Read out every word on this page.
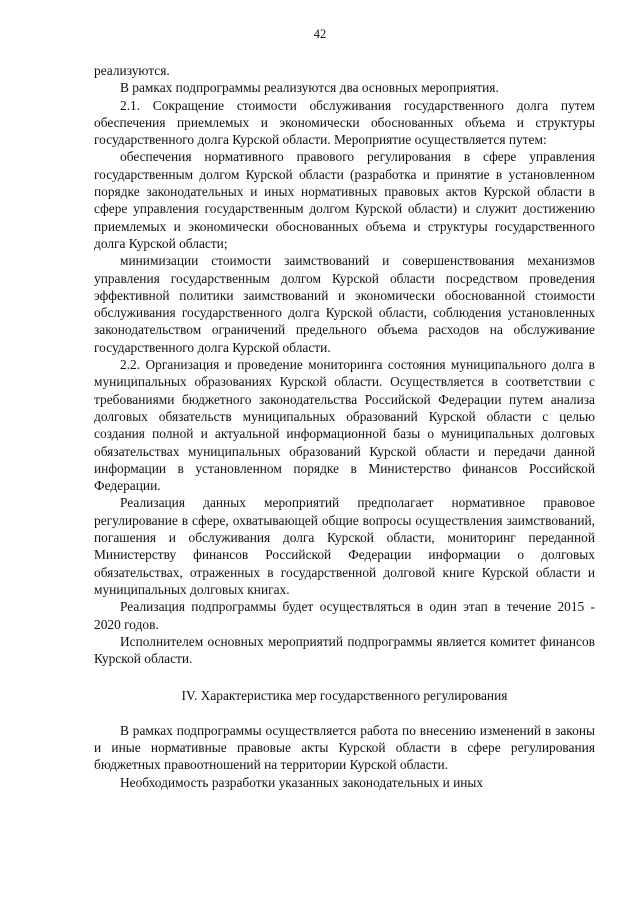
42

реализуются.

В рамках подпрограммы реализуются два основных мероприятия.

2.1. Сокращение стоимости обслуживания государственного долга путем обеспечения приемлемых и экономически обоснованных объема и структуры государственного долга Курской области. Мероприятие осуществляется путем:

обеспечения нормативного правового регулирования в сфере управления государственным долгом Курской области (разработка и принятие в установленном порядке законодательных и иных нормативных правовых актов Курской области в сфере управления государственным долгом Курской области) и служит достижению приемлемых и экономически обоснованных объема и структуры государственного долга Курской области;

минимизации стоимости заимствований и совершенствования механизмов управления государственным долгом Курской области посредством проведения эффективной политики заимствований и экономически обоснованной стоимости обслуживания государственного долга Курской области, соблюдения установленных законодательством ограничений предельного объема расходов на обслуживание государственного долга Курской области.

2.2. Организация и проведение мониторинга состояния муниципального долга в муниципальных образованиях Курской области. Осуществляется в соответствии с требованиями бюджетного законодательства Российской Федерации путем анализа долговых обязательств муниципальных образований Курской области с целью создания полной и актуальной информационной базы о муниципальных долговых обязательствах муниципальных образований Курской области и передачи данной информации в установленном порядке в Министерство финансов Российской Федерации.

Реализация данных мероприятий предполагает нормативное правовое регулирование в сфере, охватывающей общие вопросы осуществления заимствований, погашения и обслуживания долга Курской области, мониторинг переданной Министерству финансов Российской Федерации информации о долговых обязательствах, отраженных в государственной долговой книге Курской области и муниципальных долговых книгах.

Реализация подпрограммы будет осуществляться в один этап в течение 2015 - 2020 годов.

Исполнителем основных мероприятий подпрограммы является комитет финансов Курской области.

IV. Характеристика мер государственного регулирования

В рамках подпрограммы осуществляется работа по внесению изменений в законы и иные нормативные правовые акты Курской области в сфере регулирования бюджетных правоотношений на территории Курской области.

Необходимость разработки указанных законодательных и иных
